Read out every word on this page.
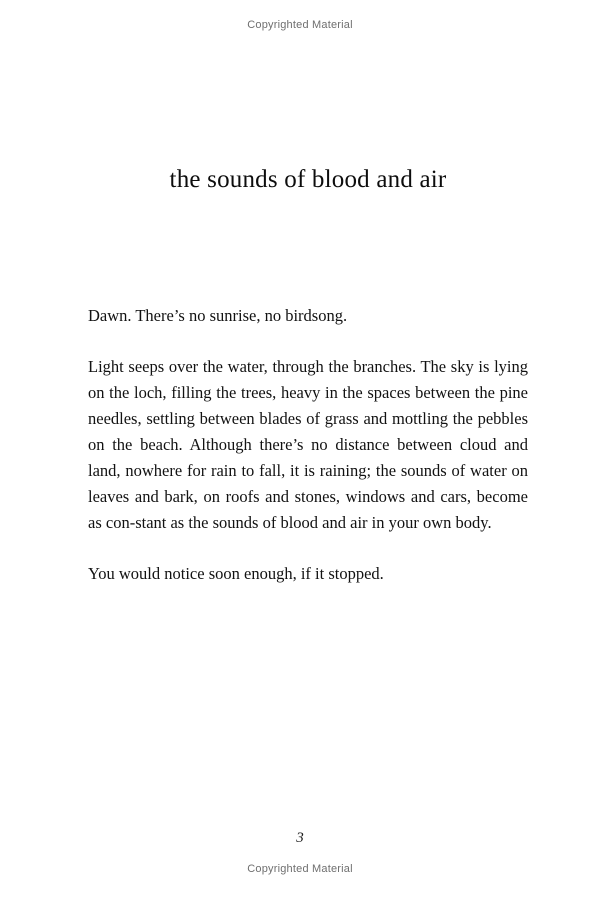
Copyrighted Material
the sounds of blood and air

Dawn. There’s no sunrise, no birdsong.

Light seeps over the water, through the branches. The sky is lying on the loch, filling the trees, heavy in the spaces between the pine needles, settling between blades of grass and mottling the pebbles on the beach. Although there’s no distance between cloud and land, nowhere for rain to fall, it is raining; the sounds of water on leaves and bark, on roofs and stones, windows and cars, become as con-stant as the sounds of blood and air in your own body.

You would notice soon enough, if it stopped.

3
Copyrighted Material
